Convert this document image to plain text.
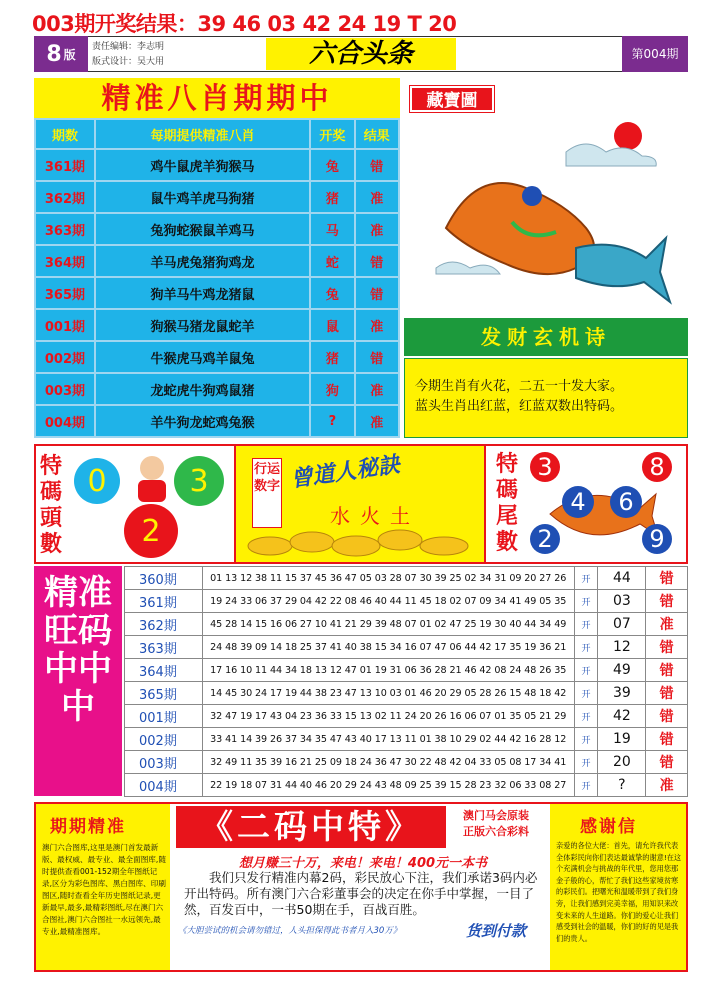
003期开奖结果：39 46 03 42 24 19 T 20
8 版
责任编辑：李志明
版式设计：吴大用	六合头条	第004期
精准八肖期期中	藏寶圖
期数	每期提供精准八肖	开奖	结果
361期	鸡牛鼠虎羊狗猴马	兔	错
362期	鼠牛鸡羊虎马狗猪	猪	准
363期	兔狗蛇猴鼠羊鸡马	马	准
364期	羊马虎兔猪狗鸡龙	蛇	错
365期	狗羊马牛鸡龙猪鼠	兔	错
001期	狗猴马猪龙鼠蛇羊	鼠	准
002期	牛猴虎马鸡羊鼠兔	猪	错
003期	龙蛇虎牛狗鸡鼠猪	狗	准
004期	羊牛狗龙蛇鸡兔猴	?	准
发财玄机诗
今期生肖有火花，二五一十发大家。
蓝头生肖出红蓝，红蓝双数出特码。
特碼頭數
0	3
2
行运数字 曾道人秘訣
水火土
特碼尾數
3	8
4	6
2	9
精准旺码中中中
360期	01 13 12 38 11 15 37 45 36 47 05 03 28 07 30 39 25 02 34 31 09 20 27 26	开	44	错
361期	19 24 33 06 37 29 04 42 22 08 46 40 44 11 45 18 02 07 09 34 41 49 05 35	开	03	错
362期	45 28 14 15 16 06 27 10 41 21 29 39 48 07 01 02 47 25 19 30 40 44 34 49	开	07	准
363期	24 48 39 09 14 18 25 37 41 40 38 15 34 16 07 47 06 44 42 17 35 19 36 21	开	12	错
364期	17 16 10 11 44 34 18 13 12 47 01 19 31 06 36 28 21 46 42 08 24 48 26 35	开	49	错
365期	14 45 30 24 17 19 44 38 23 47 13 10 03 01 46 20 29 05 28 26 15 48 18 42	开	39	错
001期	32 47 19 17 43 04 23 36 33 15 13 02 11 24 20 26 16 06 07 01 35 05 21 29	开	42	错
002期	33 41 14 39 26 37 34 35 47 43 40 17 13 11 01 38 10 29 02 44 42 16 28 12	开	19	错
003期	32 49 11 35 39 16 21 25 09 18 24 36 47 30 22 48 42 04 33 05 08 17 34 41	开	20	错
004期	22 19 18 07 31 44 40 46 20 29 24 43 48 09 25 39 15 28 23 32 06 33 08 27	开	?	准
期期精准
澳门六合图库,这里是澳门首发最新版、最权威、最专业、最全面图库,随时提供查看001-152期全年图纸记录,区分为彩色图库、黑白图库、印刷图区,随时查看全年历史图纸记录,更新最早,最多,最精彩图纸,尽在澳门六合图社,澳门六合图社一水远领先,最专业,最精准图库。
《二码中特》	澳门马会原装
正版六合彩料
想月赚三十万，来电！来电！400元一本书
我们只发行精准内幕2码，彩民放心下注，我们承诺3码内必开出特码。所有澳门六合彩董事会的决定在你手中掌握，一目了然，百发百中，一书50期在手，百战百胜。
《大胆尝试的机会请勿错过，人头担保得此书者月入30万》	货到付款
感谢信
亲爱的各位大佬：首先，请允许我代表全体彩民向你们表达最诚挚的谢意!在这个充满机会与挑战的年代里，您用您那金子般的心，帮忙了我们这些家境贫寒的彩民们。把曙光和温暖带到了我们身旁，让我们感到完美幸福，用知识来改变未来的人生道路。你们的爱心让我们感受到社会的温暖，你们的好的见是我们的贵人。
